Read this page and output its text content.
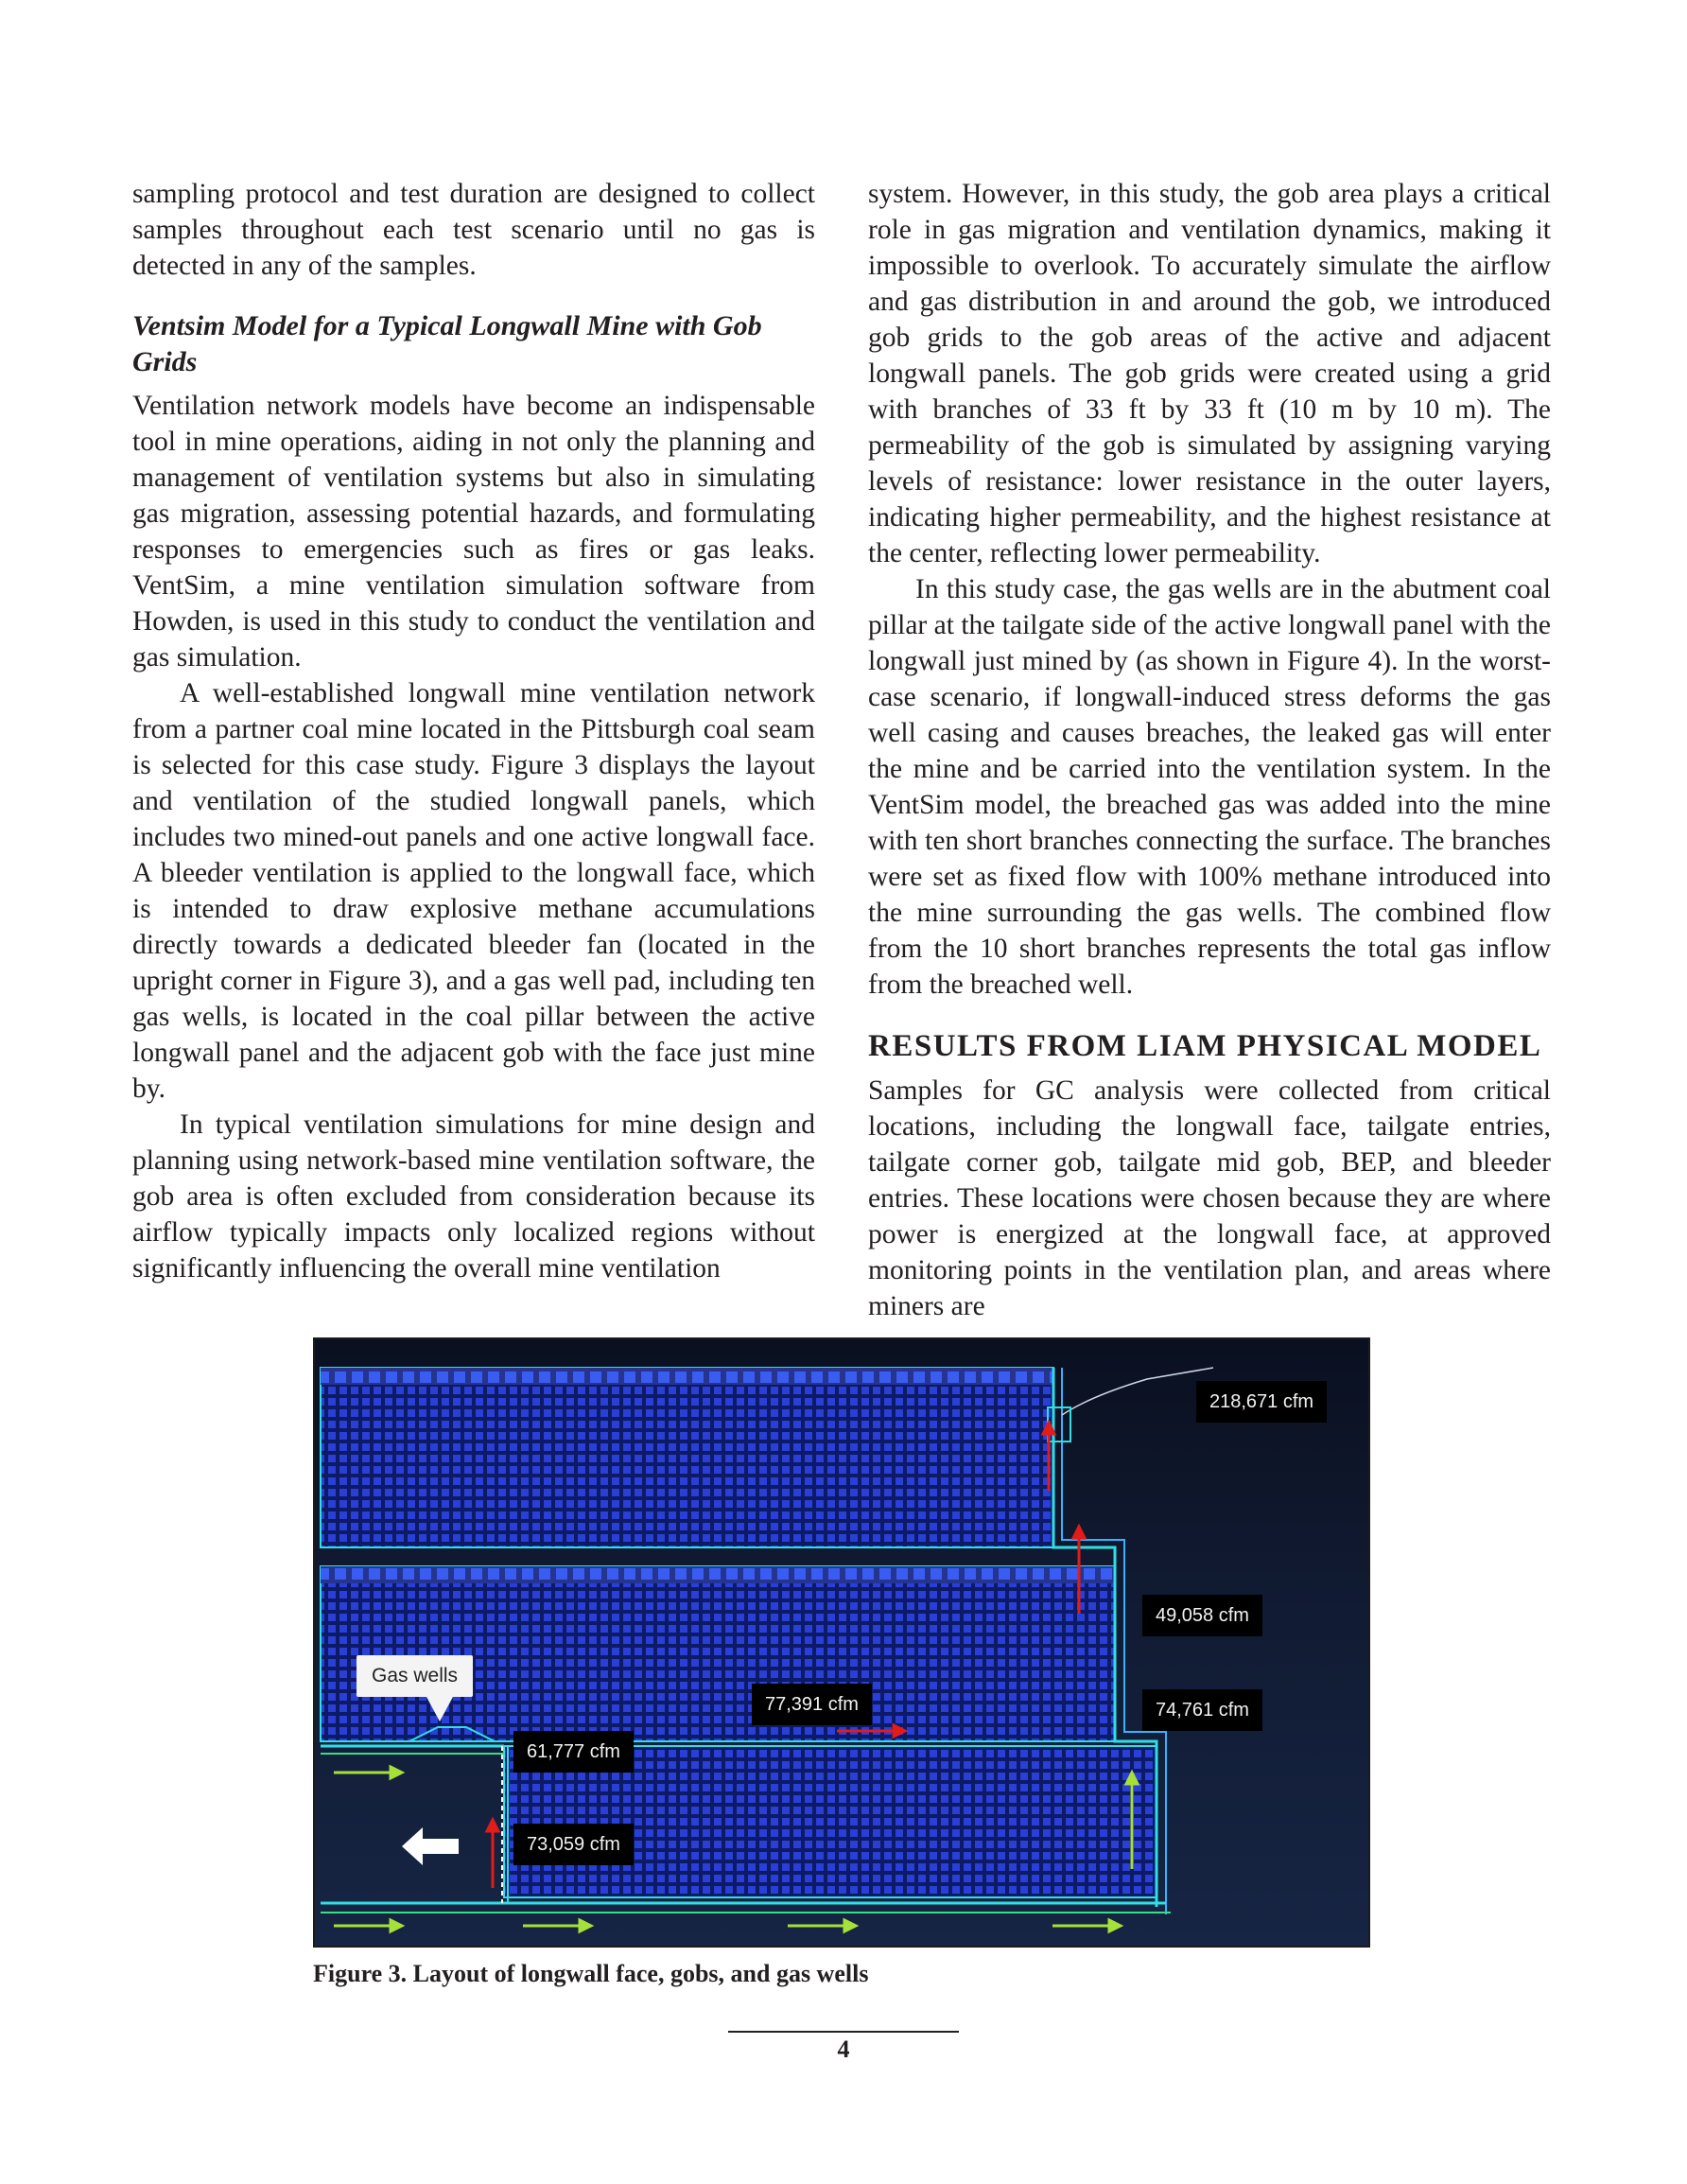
sampling protocol and test duration are designed to collect samples throughout each test scenario until no gas is detected in any of the samples.

Ventsim Model for a Typical Longwall Mine with Gob Grids

Ventilation network models have become an indispensable tool in mine operations, aiding in not only the planning and management of ventilation systems but also in simulating gas migration, assessing potential hazards, and formulating responses to emergencies such as fires or gas leaks. VentSim, a mine ventilation simulation software from Howden, is used in this study to conduct the ventilation and gas simulation.

A well-established longwall mine ventilation network from a partner coal mine located in the Pittsburgh coal seam is selected for this case study. Figure 3 displays the layout and ventilation of the studied longwall panels, which includes two mined-out panels and one active longwall face. A bleeder ventilation is applied to the longwall face, which is intended to draw explosive methane accumulations directly towards a dedicated bleeder fan (located in the upright corner in Figure 3), and a gas well pad, including ten gas wells, is located in the coal pillar between the active longwall panel and the adjacent gob with the face just mine by.

In typical ventilation simulations for mine design and planning using network-based mine ventilation software, the gob area is often excluded from consideration because its airflow typically impacts only localized regions without significantly influencing the overall mine ventilation

system. However, in this study, the gob area plays a critical role in gas migration and ventilation dynamics, making it impossible to overlook. To accurately simulate the airflow and gas distribution in and around the gob, we introduced gob grids to the gob areas of the active and adjacent longwall panels. The gob grids were created using a grid with branches of 33 ft by 33 ft (10 m by 10 m). The permeability of the gob is simulated by assigning varying levels of resistance: lower resistance in the outer layers, indicating higher permeability, and the highest resistance at the center, reflecting lower permeability.

In this study case, the gas wells are in the abutment coal pillar at the tailgate side of the active longwall panel with the longwall just mined by (as shown in Figure 4). In the worst-case scenario, if longwall-induced stress deforms the gas well casing and causes breaches, the leaked gas will enter the mine and be carried into the ventilation system. In the VentSim model, the breached gas was added into the mine with ten short branches connecting the surface. The branches were set as fixed flow with 100% methane introduced into the mine surrounding the gas wells. The combined flow from the 10 short branches represents the total gas inflow from the breached well.

RESULTS FROM LIAM PHYSICAL MODEL

Samples for GC analysis were collected from critical locations, including the longwall face, tailgate entries, tailgate corner gob, tailgate mid gob, BEP, and bleeder entries. These locations were chosen because they are where power is energized at the longwall face, at approved monitoring points in the ventilation plan, and areas where miners are

218,671 cfm
49,058 cfm
74,761 cfm
77,391 cfm
61,777 cfm
73,059 cfm
Gas wells
Figure 3. Layout of longwall face, gobs, and gas wells
4
